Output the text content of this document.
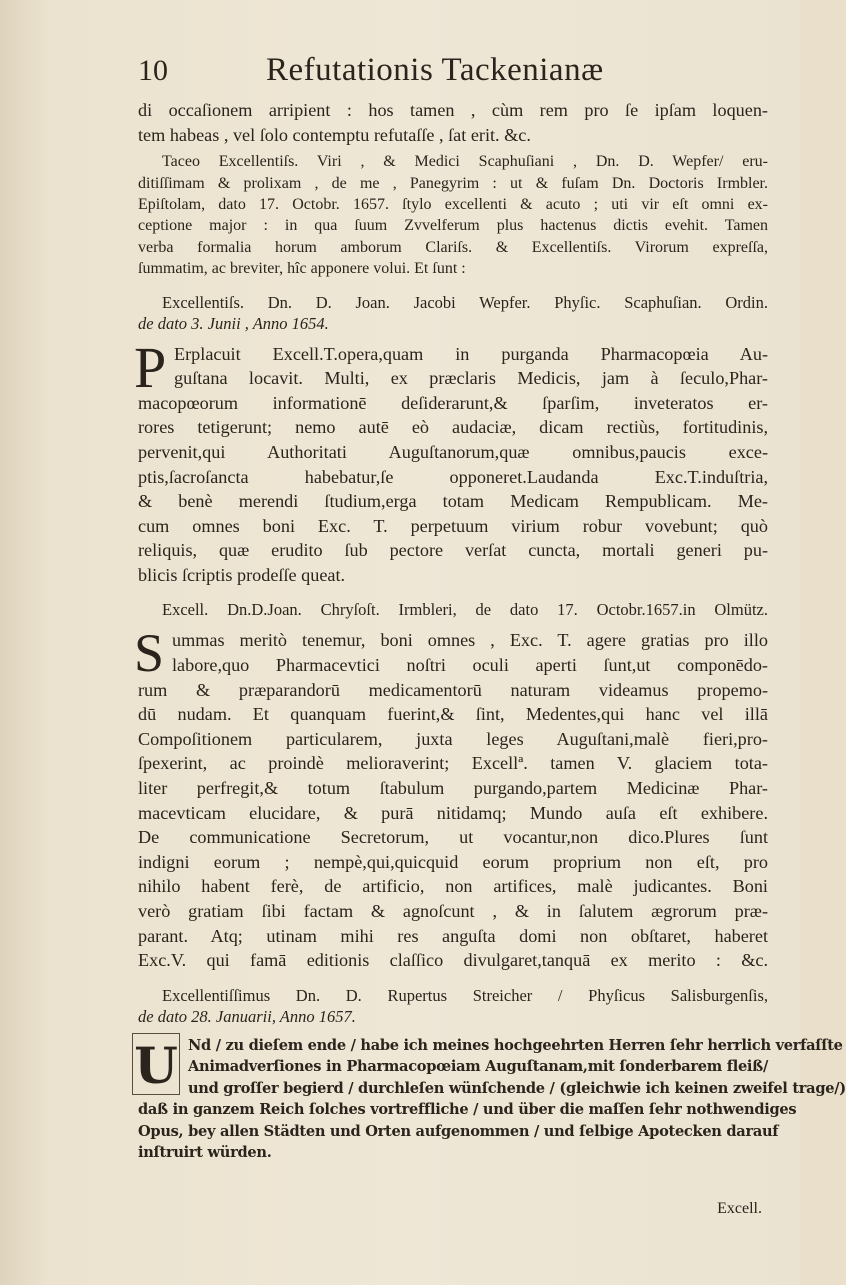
10	Refutationis Tackenianæ

di occaſionem arripient : hos tamen , cùm rem pro ſe ipſam loquen-
tem habeas , vel ſolo contemptu refutaſſe , ſat erit. &c.

Taceo Excellentiſs. Viri , & Medici Scaphuſiani , Dn. D. Wepfer/ eru-
ditiſſimam & prolixam , de me , Panegyrim : ut & fuſam Dn. Doctoris Irmbler.
Epiſtolam, dato 17. Octobr. 1657. ſtylo excellenti & acuto ; uti vir eſt omni ex-
ceptione major : in qua ſuum Zvvelferum plus hactenus dictis evehit. Tamen
verba formalia horum amborum Clariſs. & Excellentiſs. Virorum expreſſa,
ſummatim, ac breviter, hîc apponere volui. Et ſunt :

Excellentiſs. Dn. D. Joan. Jacobi Wepfer. Phyſic. Scaphuſian. Ordin.
de dato 3. Junii , Anno 1654.

P Erplacuit Excell.T.opera,quam in purganda Pharmacopœia Au-
guſtana locavit. Multi, ex præclaris Medicis, jam à ſeculo,Phar-
macopœorum informationē deſiderarunt,& ſparſim, inveteratos er-
rores tetigerunt; nemo autē eò audaciæ, dicam rectiùs, fortitudinis,
pervenit,qui Authoritati Auguſtanorum,quæ omnibus,paucis exce-
ptis,ſacroſancta habebatur,ſe opponeret.Laudanda Exc.T.induſtria,
& benè merendi ſtudium,erga totam Medicam Rempublicam. Me-
cum omnes boni Exc. T. perpetuum virium robur vovebunt; quò
reliquis, quæ erudito ſub pectore verſat cuncta, mortali generi pu-
blicis ſcriptis prodeſſe queat.

Excell. Dn.D.Joan. Chryſoſt. Irmbleri, de dato 17. Octobr.1657.in Olmütz.

S ummas meritò tenemur, boni omnes , Exc. T. agere gratias pro illo
labore,quo Pharmacevtici noſtri oculi aperti ſunt,ut componēdo-
rum & præparandorū medicamentorū naturam videamus propemo-
dū nudam. Et quanquam fuerint,& ſint, Medentes,qui hanc vel illā
Compoſitionem particularem, juxta leges Auguſtani,malè fieri,pro-
ſpexerint, ac proindè melioraverint; Excellª. tamen V. glaciem tota-
liter perfregit,& totum ſtabulum purgando,partem Medicinæ Phar-
macevticam elucidare, & purā nitidamq; Mundo auſa eſt exhibere.
De communicatione Secretorum, ut vocantur,non dico.Plures ſunt
indigni eorum ; nempè,qui,quicquid eorum proprium non eſt, pro
nihilo habent ferè, de artificio, non artifices, malè judicantes. Boni
verò gratiam ſibi factam & agnoſcunt , & in ſalutem ægrorum præ-
parant. Atq; utinam mihi res anguſta domi non obſtaret, haberet
Exc.V. qui famā editionis claſſico divulgaret,tanquā ex merito : &c.

Excellentiſſimus Dn. D. Rupertus Streicher / Phyſicus Salisburgenſis,
de dato 28. Januarii, Anno 1657.

U Nd / zu dieſem ende / habe ich meines hochgeehrten Herren ſehr herrlich verfaſſte
Animadverſiones in Pharmacopœiam Auguſtanam,mit ſonderbarem fleiß/
und groſſer begierd / durchleſen wünſchende / (gleichwie ich keinen zweifel trage/)
daß in ganzem Reich ſolches vortreffliche / und über die maſſen ſehr nothwendiges
Opus, bey allen Städten und Orten aufgenommen / und ſelbige Apotecken darauf
inſtruirt würden.

Excell.
